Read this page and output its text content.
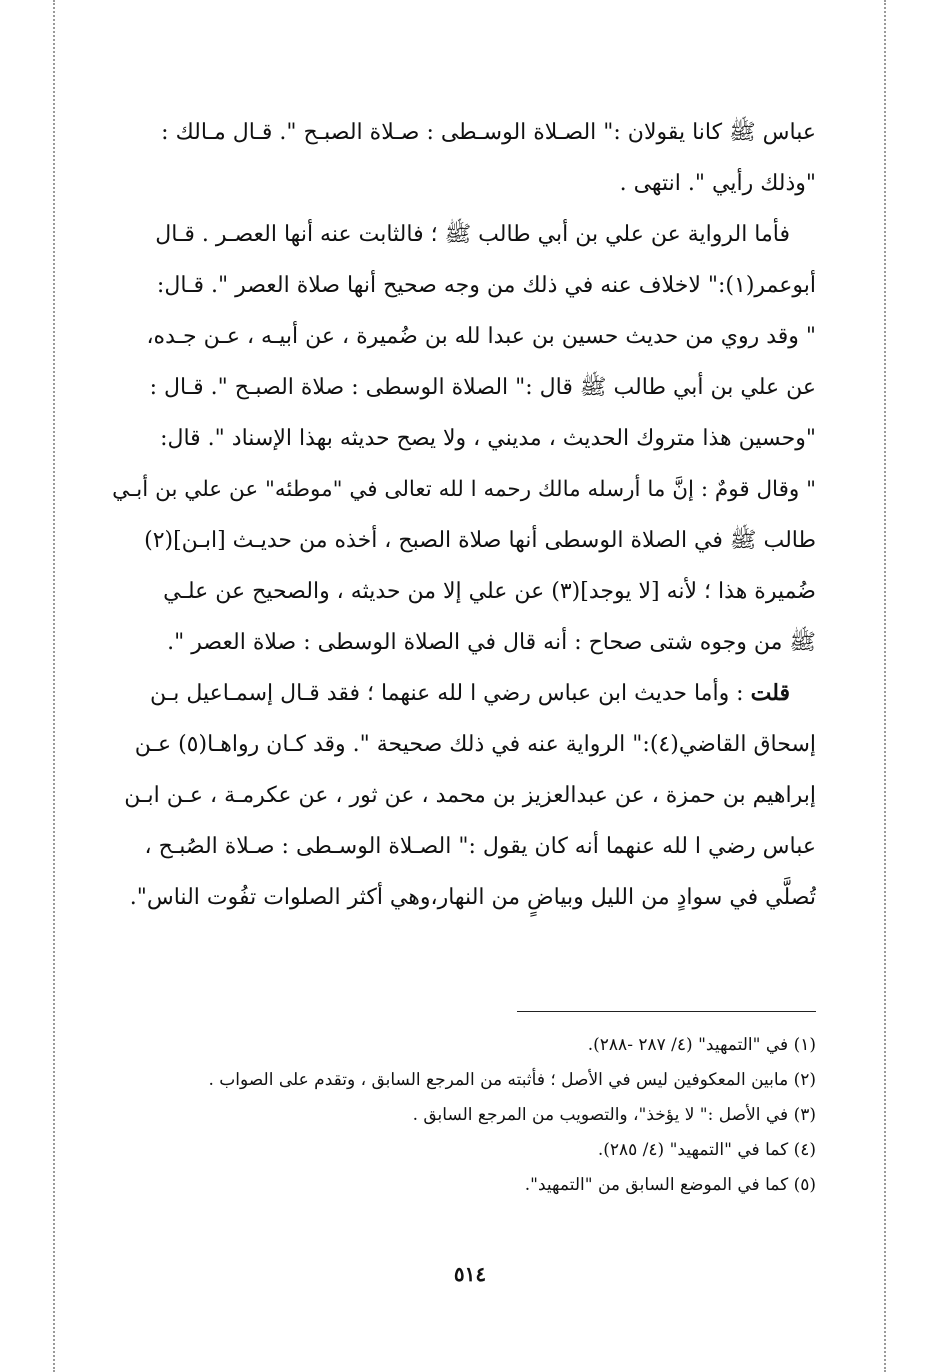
عباس ﷺ كانا يقولان :" الصـلاة الوسـطى : صـلاة الصبـح ". قـال مـالك :
"وذلك رأيي ". انتهى .
فأما الرواية عن علي بن أبي طالب ﷺ ؛ فالثابت عنه أنها العصـر . قـال
أبوعمر(١):" لاخلاف عنه في ذلك من وجه صحيح أنها صلاة العصر ". قـال:
" وقد روي من حديث حسين بن عبدا لله بن ضُميرة ، عن أبيـه ، عـن جـده،
عن علي بن أبي طالب ﷺ قال :" الصلاة الوسطى : صلاة الصبـح ". قـال :
"وحسين هذا متروك الحديث ، مديني ، ولا يصح حديثه بهذا الإسناد ". قال:
" وقال قومٌ : إنَّ ما أرسله مالك رحمه ا لله تعالى في "موطئه" عن علي بن أبـي
طالب ﷺ في الصلاة الوسطى أنها صلاة الصبح ، أخذه من حديـث [ابـن](٢)
ضُميرة هذا ؛ لأنه [لا يوجد](٣) عن علي إلا من حديثه ، والصحيح عن علـي
ﷺ من وجوه شتى صحاح : أنه قال في الصلاة الوسطى : صلاة العصر ".
قلت : وأما حديث ابن عباس رضي ا لله عنهما ؛ فقد قـال إسمـاعيل بـن
إسحاق القاضي(٤):" الرواية عنه في ذلك صحيحة ". وقد كـان رواهـا(٥) عـن
إبراهيم بن حمزة ، عن عبدالعزيز بن محمد ، عن ثور ، عن عكرمـة ، عـن ابـن
عباس رضي ا لله عنهما أنه كان يقول :" الصـلاة الوسـطى : صـلاة الصُبـح ،
تُصلَّي في سوادٍ من الليل وبياضٍ من النهار،وهي أكثر الصلوات تفُوت الناس".
(١) في "التمهيد" (٤/ ٢٨٧ -٢٨٨).
(٢) مابين المعكوفين ليس في الأصل ؛ فأثبته من المرجع السابق ، وتقدم على الصواب .
(٣) في الأصل :" لا يؤخذ"، والتصويب من المرجع السابق .
(٤) كما في "التمهيد" (٤/ ٢٨٥).
(٥) كما في الموضع السابق من "التمهيد".
٥١٤
